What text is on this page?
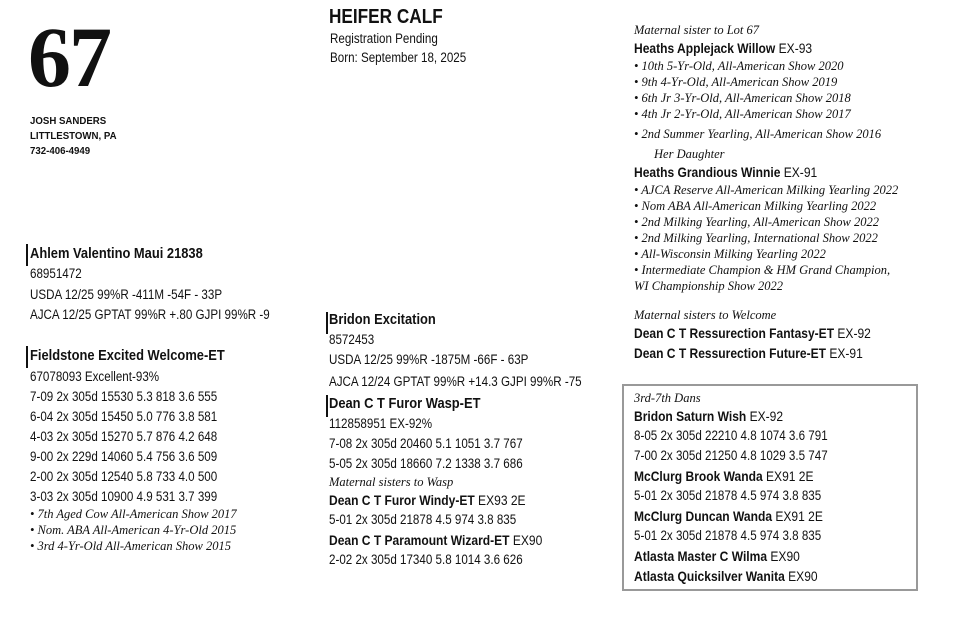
67
JOSH SANDERS
LITTLESTOWN, PA
732-406-4949
HEIFER CALF
Registration Pending
Born: September 18, 2025
Ahlem Valentino Maui 21838
68951472
USDA 12/25 99%R -411M -54F - 33P
AJCA 12/25 GPTAT 99%R +.80 GJPI 99%R -9
Fieldstone Excited Welcome-ET
67078093 Excellent-93%
7-09 2x 305d 15530 5.3 818 3.6 555
6-04 2x 305d 15450 5.0 776 3.8 581
4-03 2x 305d 15270 5.7 876 4.2 648
9-00 2x 229d 14060 5.4 756 3.6 509
2-00 2x 305d 12540 5.8 733 4.0 500
3-03 2x 305d 10900 4.9 531 3.7 399
• 7th Aged Cow All-American Show 2017
• Nom. ABA All-American 4-Yr-Old 2015
• 3rd 4-Yr-Old All-American Show 2015
Bridon Excitation
8572453
USDA 12/25 99%R -1875M -66F - 63P
AJCA 12/24 GPTAT 99%R +14.3 GJPI 99%R -75
Dean C T Furor Wasp-ET
112858951 EX-92%
7-08 2x 305d 20460 5.1 1051 3.7 767
5-05 2x 305d 18660 7.2 1338 3.7 686
Maternal sisters to Wasp
Dean C T Furor Windy-ET EX93 2E
5-01 2x 305d 21878 4.5 974 3.8 835
Dean C T Paramount Wizard-ET EX90
2-02 2x 305d 17340 5.8 1014 3.6 626
Maternal sister to Lot 67
Heaths Applejack Willow EX-93
• 10th 5-Yr-Old, All-American Show 2020
• 9th 4-Yr-Old, All-American Show 2019
• 6th Jr 3-Yr-Old, All-American Show 2018
• 4th Jr 2-Yr-Old, All-American Show 2017
• 2nd Summer Yearling, All-American Show 2016
Her Daughter
Heaths Grandious Winnie EX-91
• AJCA Reserve All-American Milking Yearling 2022
• Nom ABA All-American Milking Yearling 2022
• 2nd Milking Yearling, All-American Show 2022
• 2nd Milking Yearling, International Show 2022
• All-Wisconsin Milking Yearling 2022
• Intermediate Champion & HM Grand Champion,
WI Championship Show 2022
Maternal sisters to Welcome
Dean C T Ressurection Fantasy-ET EX-92
Dean C T Ressurection Future-ET EX-91
3rd-7th Dans
Bridon Saturn Wish EX-92
8-05 2x 305d 22210 4.8 1074 3.6 791
7-00 2x 305d 21250 4.8 1029 3.5 747
McClurg Brook Wanda EX91 2E
5-01 2x 305d 21878 4.5 974 3.8 835
McClurg Duncan Wanda EX91 2E
5-01 2x 305d 21878 4.5 974 3.8 835
Atlasta Master C Wilma EX90
Atlasta Quicksilver Wanita EX90
